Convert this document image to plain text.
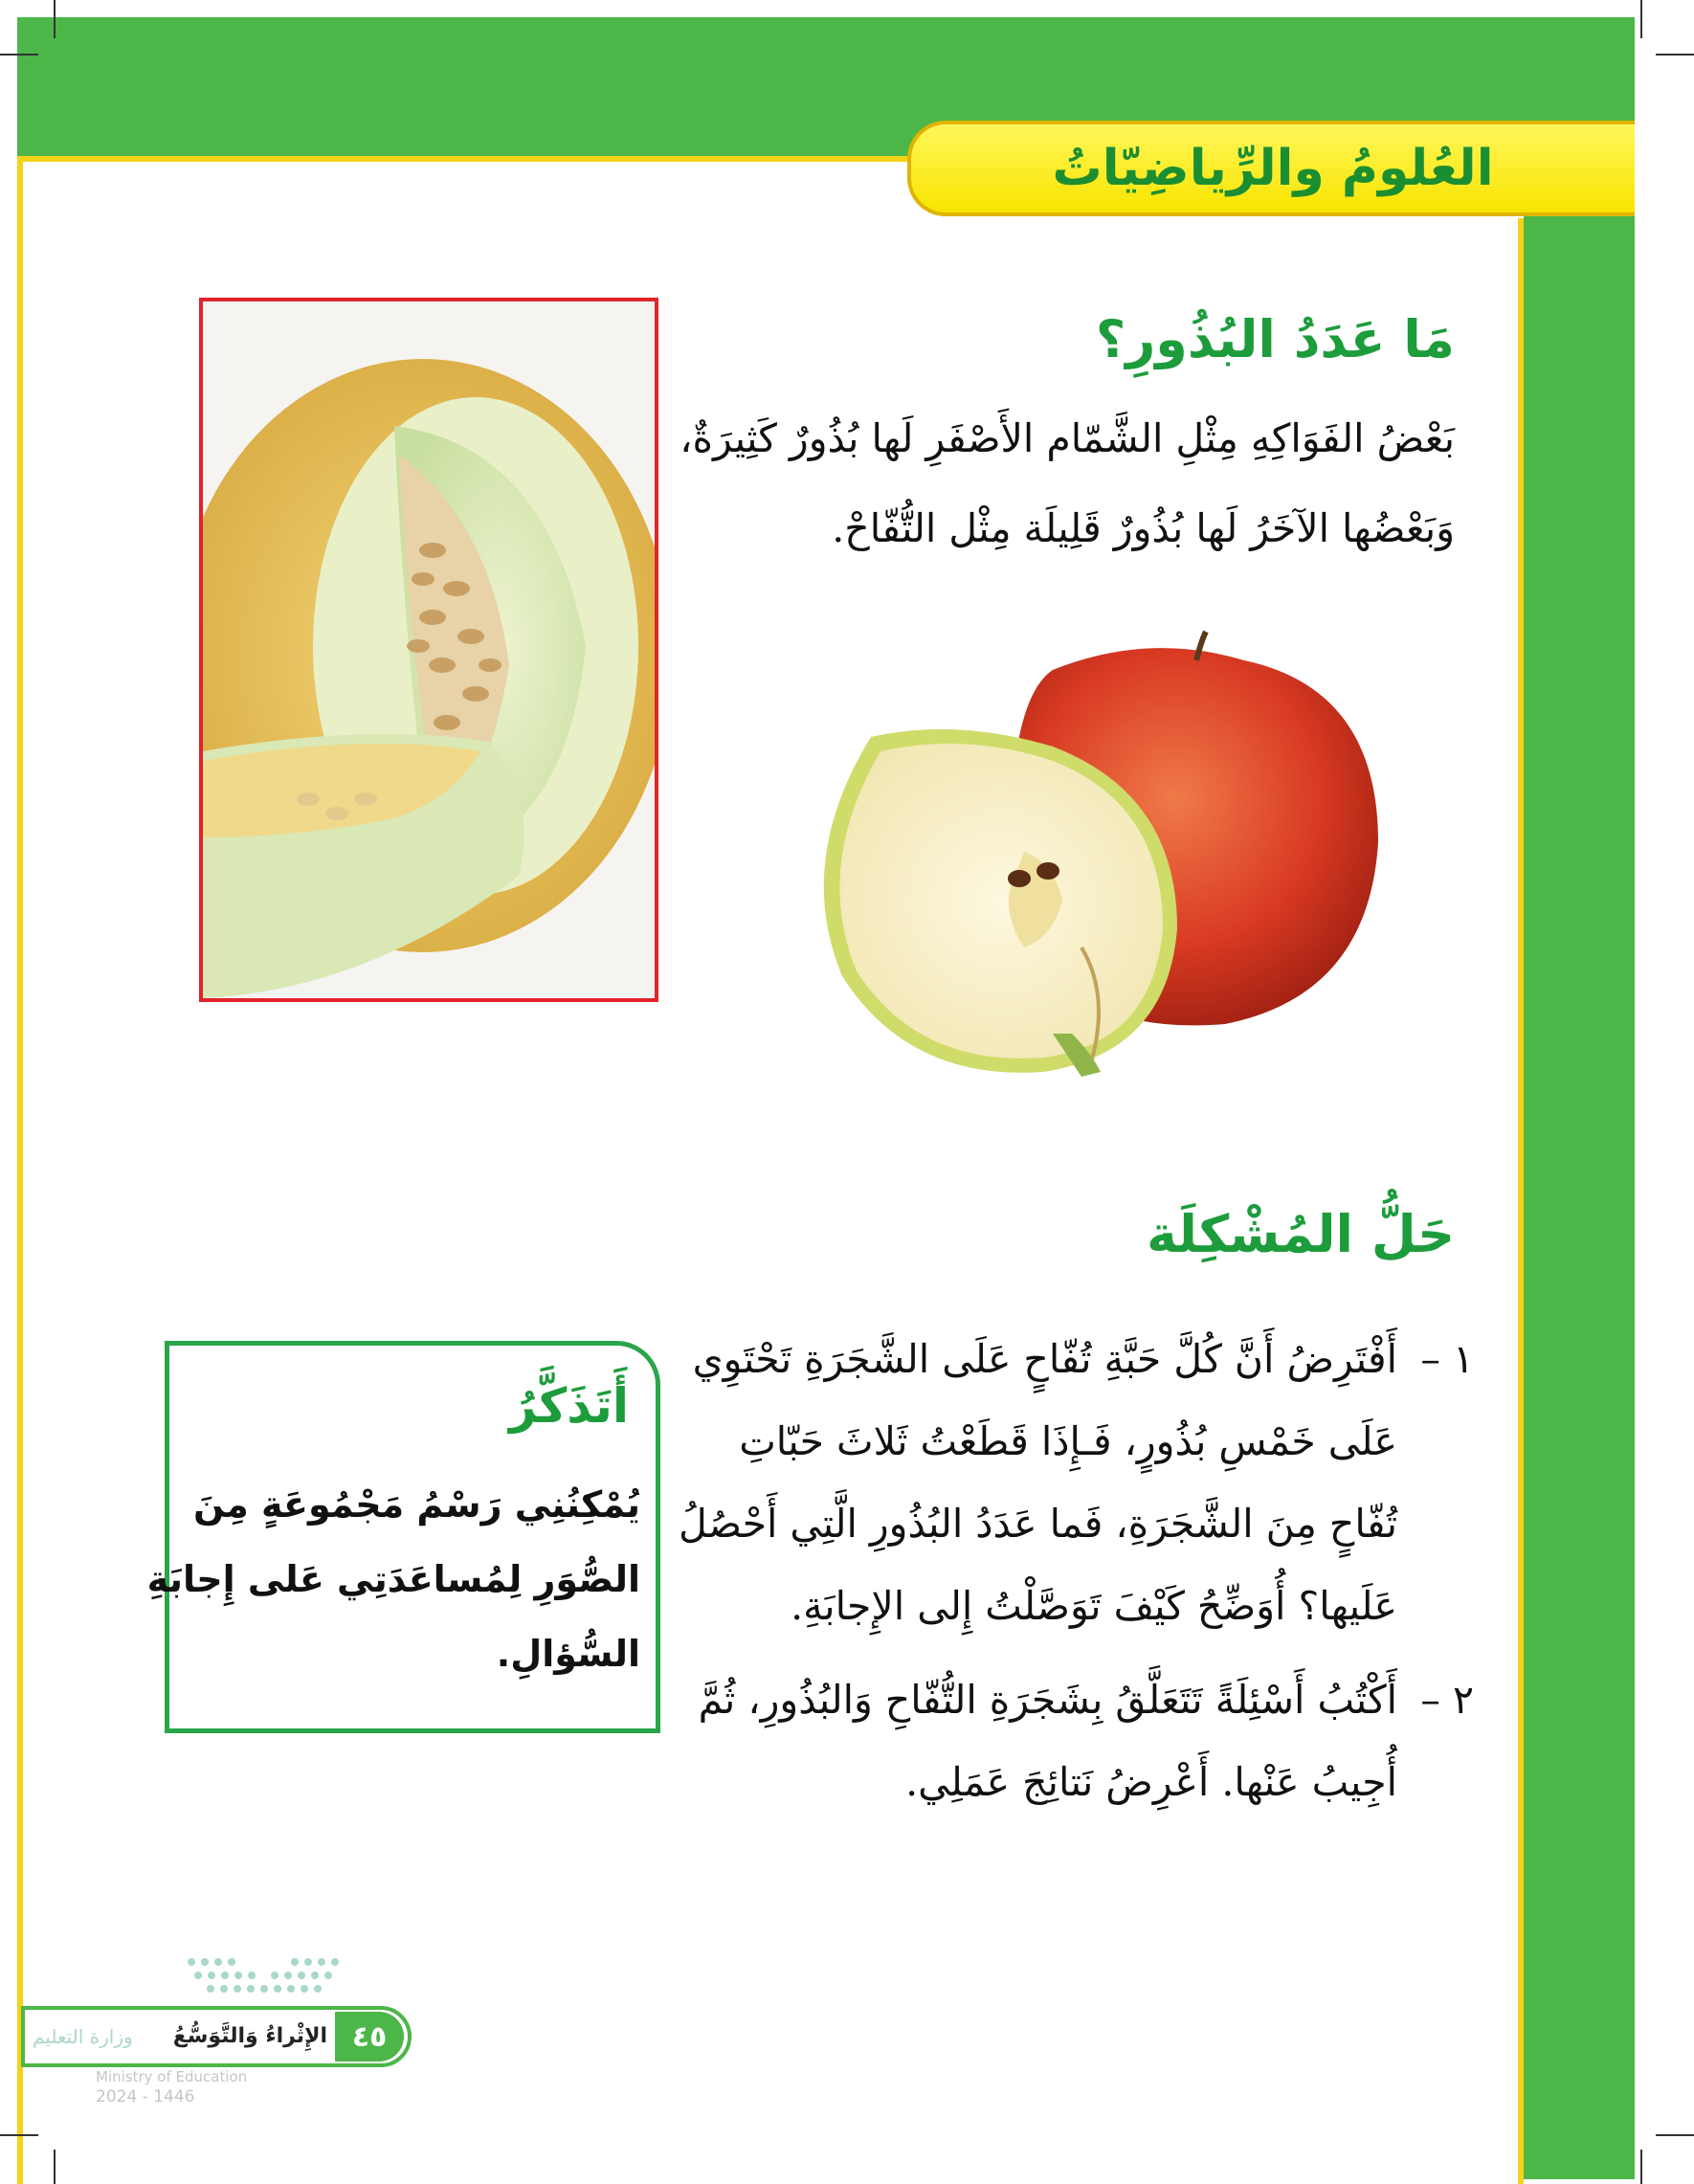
العُلومُ والرِّياضِيّاتُ
مَا عَدَدُ البُذُورِ؟
بَعْضُ الفَوَاكِهِ مِثْلِ الشَّمّام الأَصْفَرِ لَها بُذُورٌ كَثِيرَةٌ،
وَبَعْضُها الآخَرُ لَها بُذُورٌ قَلِيلَة مِثْل التُّفّاحْ.
حَلُّ المُشْكِلَة
١ –
أَفْتَرِضُ أَنَّ كُلَّ حَبَّةِ تُفّاحٍ عَلَى الشَّجَرَةِ تَحْتَوِي
عَلَى خَمْسِ بُذُورٍ، فَـإِذَا قَطَعْتُ ثَلاثَ حَبّاتِ
تُفّاحٍ مِنَ الشَّجَرَةِ، فَما عَدَدُ البُذُورِ الَّتِي أَحْصُلُ
عَلَيها؟ أُوَضِّحُ كَيْفَ تَوَصَّلْتُ إِلى الإِجابَةِ.
٢ –
أَكْتُبُ أَسْئِلَةً تَتَعَلَّقُ بِشَجَرَةِ التُّفّاحِ وَالبُذُورِ، ثُمَّ
أُجِيبُ عَنْها. أَعْرِضُ نَتائِجَ عَمَلِي.
أَتَذَكَّرُ
يُمْكِنُنِي رَسْمُ مَجْمُوعَةٍ مِنَ
الصُّوَرِ لِمُساعَدَتِي عَلى إِجابَةِ
السُّؤالِ.
٤٥
الإِثْراءُ وَالتَّوَسُّعُ
وزارة التعليم
Ministry of Education
2024 - 1446
